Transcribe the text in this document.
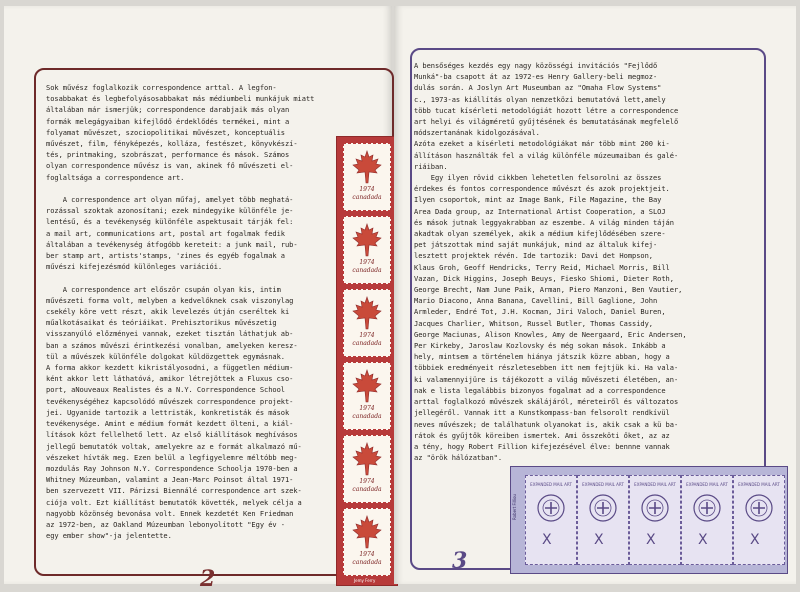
Sok művész foglalkozik correspondence arttal. A legfon-
tosabbakat és legbefolyásosabbakat más médiumbeli munkájuk miatt
általában már ismerjük; correspondence darabjaik más olyan
formák melegágyaiban kifejlődő érdeklődés termékei, mint a
folyamat művészet, szociopolitikai művészet, konceptuális
művészet, film, fényképezés, kolláza, festészet, könyvkészí-
tés, printmaking, szobrászat, performance és mások. Számos
olyan correspondence művész is van, akinek fő művészeti el-
foglaltsága a correspondence art.

A correspondence art olyan műfaj, amelyet több meghatá-
rozással szoktak azonosítani; ezek mindegyike különféle je-
lentésű, és a tevékenység különféle aspektusait tárják fel:
a mail art, communications art, postal art fogalmak fedik
általában a tevékenység átfogóbb kereteit: a junk mail, rub-
ber stamp art, artists'stamps, 'zines és egyéb fogalmak a
művészi kifejezésmód különleges variációi.

A correspondence art először csupán olyan kis, intim
művészeti forma volt, melyben a kedvelőknek csak viszonylag
csekély köre vett részt, akik levelezés útján cseréltek ki
műalkotásaikat és teóriáikat. Prehisztorikus művészetig
visszanyúló előzményei vannak, ezeket tisztán láthatjuk ab-
ban a számos művészi érintkezési vonalban, amelyeken keresz-
tül a művészek különféle dolgokat küldözgettek egymásnak.
A forma akkor kezdett kikristályosodni, a független médium-
ként akkor lett láthatóvá, amikor létrejöttek a Fluxus cso-
port, aNouveaux Realistes és a N.Y. Correspondence School
tevékenységéhez kapcsolódó művészek correspondence projekt-
jei. Ugyanide tartozik a lettristák, konkretisták és mások
tevékenysége. Amint e médium formát kezdett ölteni, a kiál-
lítások közt fellelhető lett. Az első kiállítások meghívásos
jellegű bemutatók voltak, amelyekre az e formát alkalmazó mű-
vészeket hívták meg. Ezen belül a legfigyelemre méltóbb meg-
mozdulás Ray Johnson N.Y. Correspondence Schoolja 1970-ben a
Whitney Múzeumban, valamint a Jean-Marc Poinsot által 1971-
ben szervezett VII. Párizsi Biennálé correspondence art szek-
ciója volt. Ezt kiállítást bemutatók követték, melyek célja a
nagyobb közönség bevonása volt. Ennek kezdetét Ken Friedman
az 1972-ben, az Oakland Múzeumban lebonyolított "Egy év -
egy ember show"-ja jelentette.
1974
canadada
1974
canadada
1974
canadada
1974
canadada
1974
canadada
1974
canadada
Jemy Ferry
2
A bensőséges kezdés egy nagy közösségi invitációs "Fejlődő
Munká"-ba csapott át az 1972-es Henry Gallery-beli megmoz-
dulás során. A Joslyn Art Museumban az "Omaha Flow Systems"
c., 1973-as kiállítás olyan nemzetközi bemutatóvá lett,amely
több tucat kísérleti metodológiát hozott létre a correspondence
art helyi és világméretű gyűjtésének és bemutatásának megfelelő
módszertanának kidolgozásával.
Azóta ezeket a kísérleti metodológiákat már több mint 200 ki-
állításon használták fel a világ különféle múzeumaiban és galé-
riáiban.
Egy ilyen rövid cikkben lehetetlen felsorolni az összes
érdekes és fontos correspondence művészt és azok projektjeit.
Ilyen csoportok, mint az Image Bank, File Magazine, the Bay
Area Dada group, az International Artist Cooperation, a SLOJ
és mások jutnak leggyakrabban az eszembe. A világ minden táján
akadtak olyan személyek, akik a médium kifejlődésében szere-
pet játszottak mind saját munkájuk, mind az általuk kifej-
lesztett projektek révén. Ide tartozik: Davi det Hompson,
Klaus Groh, Geoff Hendricks, Terry Reid, Michael Morris, Bill
Vazan, Dick Higgins, Joseph Beuys, Fiesko Shiomi, Dieter Roth,
George Brecht, Nam June Paik, Arman, Piero Manzoni, Ben Vautier,
Mario Diacono, Anna Banana, Cavellini, Bill Gaglione, John
Armleder, Endré Tot, J.H. Kocman, Jiri Valoch, Daniel Buren,
Jacques Charlier, Whitson, Russel Butler, Thomas Cassidy,
George Maciunas, Alison Knowles, Amy de Neergaard, Eric Andersen,
Per Kirkeby, Jaroslaw Kozlovsky és még sokan mások. Inkább a
hely, mintsem a történelem hiánya játszik közre abban, hogy a
többiek eredményeit részletesebben itt nem fejtjük ki. Ha vala-
ki valamennyijüre is tájékozott a világ művészeti életében, an-
nak e lista legalábbis bizonyos fogalmat ad a correspondence
arttal foglalkozó művészek skálájáról, méreteiről és változatos
jellegéről. Vannak itt a Kunstkompass-ban felsorolt rendkívül
neves művészek; de találhatunk olyanokat is, akik csak a kü ba-
rátok és gyűjtők köreiben ismertek. Ami összeköti őket, az az
a tény, hogy Robert Fillion kifejezésével élve: bennne vannak
az "örök hálózatban".
3
EXPANDED MAIL ART
X
EXPANDED MAIL ART
X
EXPANDED MAIL ART
X
EXPANDED MAIL ART
X
EXPANDED MAIL ART
X
Robert Filliou
